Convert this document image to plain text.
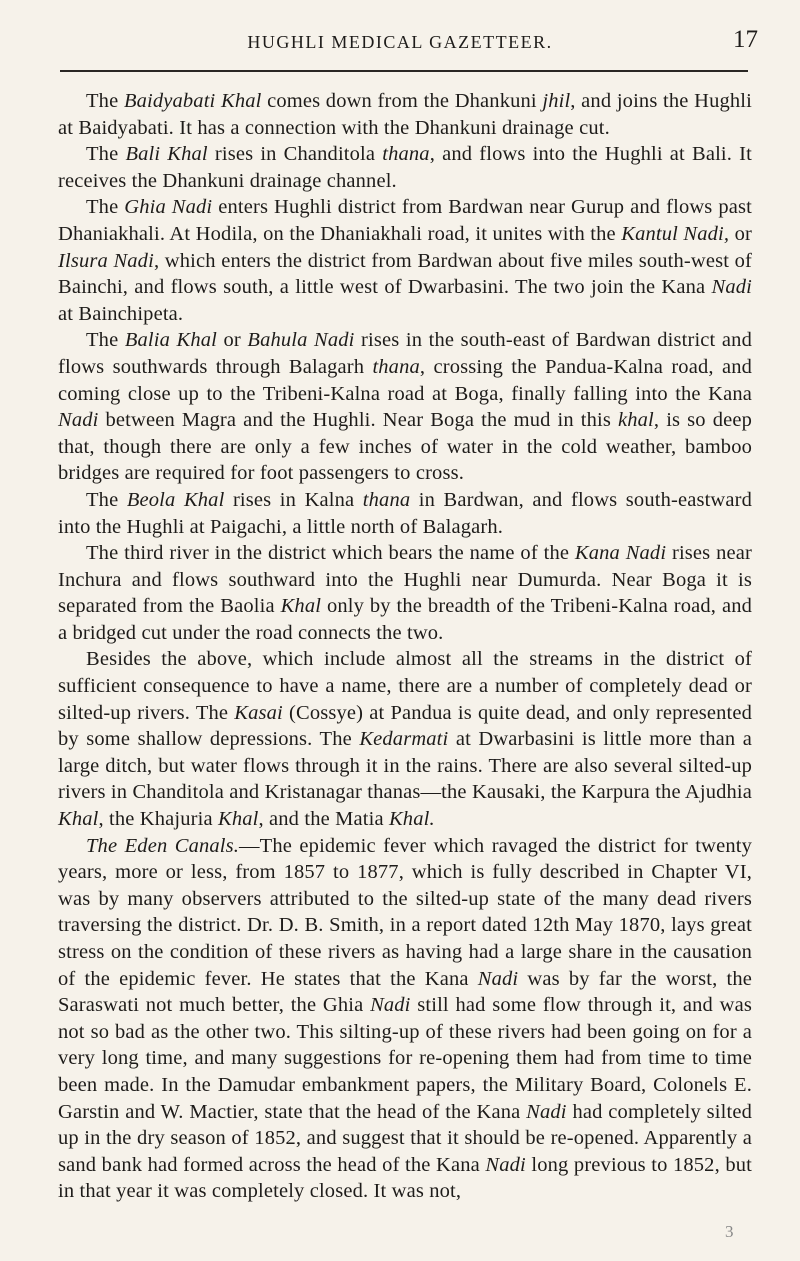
HUGHLI MEDICAL GAZETTEER.	17

The Baidyabati Khal comes down from the Dhankuni jhil, and joins the Hughli at Baidyabati. It has a connection with the Dhankuni drainage cut.

The Bali Khal rises in Chanditola thana, and flows into the Hughli at Bali. It receives the Dhankuni drainage channel.

The Ghia Nadi enters Hughli district from Bardwan near Gurup and flows past Dhaniakhali. At Hodila, on the Dhaniakhali road, it unites with the Kantul Nadi, or Ilsura Nadi, which enters the district from Bardwan about five miles south-west of Bainchi, and flows south, a little west of Dwarbasini. The two join the Kana Nadi at Bainchipeta.

The Balia Khal or Bahula Nadi rises in the south-east of Bardwan district and flows southwards through Balagarh thana, crossing the Pandua-Kalna road, and coming close up to the Tribeni-Kalna road at Boga, finally falling into the Kana Nadi between Magra and the Hughli. Near Boga the mud in this khal, is so deep that, though there are only a few inches of water in the cold weather, bamboo bridges are required for foot passengers to cross.

The Beola Khal rises in Kalna thana in Bardwan, and flows south-eastward into the Hughli at Paigachi, a little north of Balagarh.

The third river in the district which bears the name of the Kana Nadi rises near Inchura and flows southward into the Hughli near Dumurda. Near Boga it is separated from the Baolia Khal only by the breadth of the Tribeni-Kalna road, and a bridged cut under the road connects the two.

Besides the above, which include almost all the streams in the district of sufficient consequence to have a name, there are a number of completely dead or silted-up rivers. The Kasai (Cossye) at Pandua is quite dead, and only represented by some shallow depressions. The Kedarmati at Dwarbasini is little more than a large ditch, but water flows through it in the rains. There are also several silted-up rivers in Chanditola and Kristanagar thanas—the Kausaki, the Karpura the Ajudhia Khal, the Khajuria Khal, and the Matia Khal.

The Eden Canals.—The epidemic fever which ravaged the district for twenty years, more or less, from 1857 to 1877, which is fully described in Chapter VI, was by many observers attributed to the silted-up state of the many dead rivers traversing the district. Dr. D. B. Smith, in a report dated 12th May 1870, lays great stress on the condition of these rivers as having had a large share in the causation of the epidemic fever. He states that the Kana Nadi was by far the worst, the Saraswati not much better, the Ghia Nadi still had some flow through it, and was not so bad as the other two. This silting-up of these rivers had been going on for a very long time, and many suggestions for re-opening them had from time to time been made. In the Damudar embankment papers, the Military Board, Colonels E. Garstin and W. Mactier, state that the head of the Kana Nadi had completely silted up in the dry season of 1852, and suggest that it should be re-opened. Apparently a sand bank had formed across the head of the Kana Nadi long previous to 1852, but in that year it was completely closed. It was not,

3
